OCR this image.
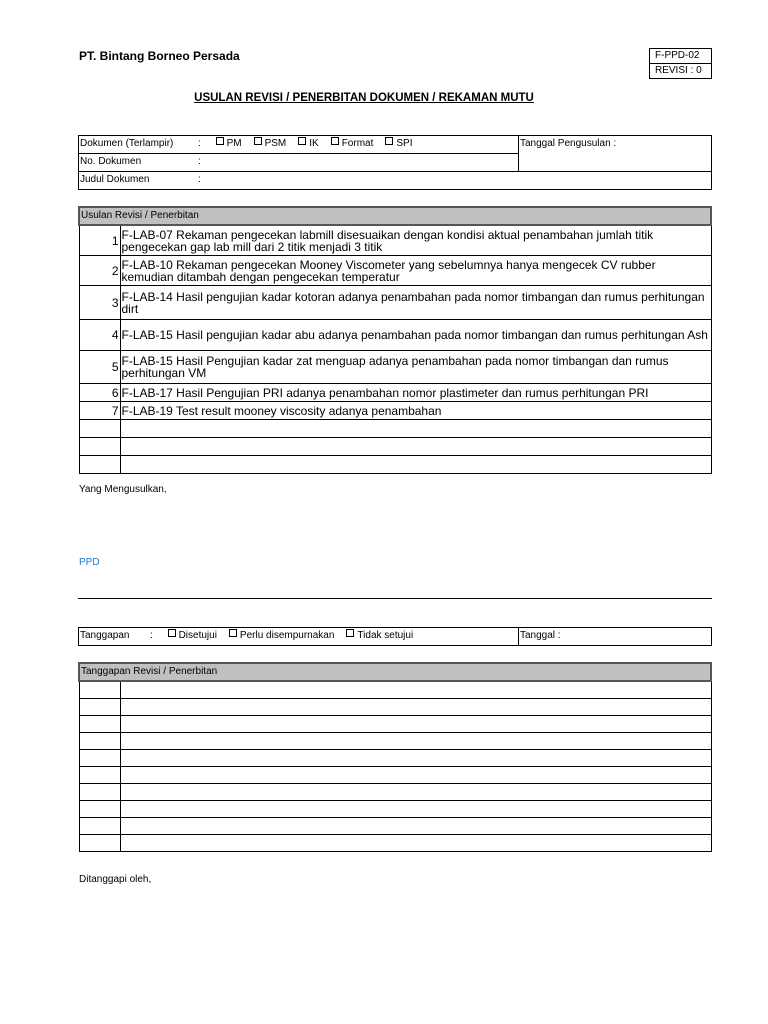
PT. Bintang Borneo Persada	F-PPD-02
REVISI : 0
USULAN REVISI / PENERBITAN DOKUMEN / REKAMAN MUTU
Dokumen (Terlampir) :	PM PSM IK Format SPI	Tanggal Pengusulan :
No. Dokumen	:
Judul Dokumen	:
Usulan Revisi / Penerbitan	
1	F-LAB-07 Rekaman pengecekan labmill disesuaikan dengan kondisi aktual penambahan jumlah titik pengecekan gap lab mill dari 2 titik menjadi 3 titik
2	F-LAB-10 Rekaman pengecekan Mooney Viscometer yang sebelumnya hanya mengecek CV rubber kemudian ditambah dengan pengecekan temperatur
3	F-LAB-14 Hasil pengujian kadar kotoran adanya penambahan pada nomor timbangan dan rumus perhitungan dirt
4	F-LAB-15 Hasil pengujian kadar abu adanya penambahan pada nomor timbangan dan rumus perhitungan Ash
5	F-LAB-15 Hasil Pengujian kadar zat menguap adanya penambahan pada nomor timbangan dan rumus perhitungan VM
6	F-LAB-17 Hasil Pengujian PRI adanya penambahan nomor plastimeter dan rumus perhitungan PRI
7	F-LAB-19 Test result mooney viscosity adanya penambahan

Yang Mengusulkan,
PPD
Tanggapan :	Disetujui Perlu disempurnakan Tidak setujui	Tanggal :
Tanggapan Revisi / Penerbitan	

Ditanggapi oleh,
